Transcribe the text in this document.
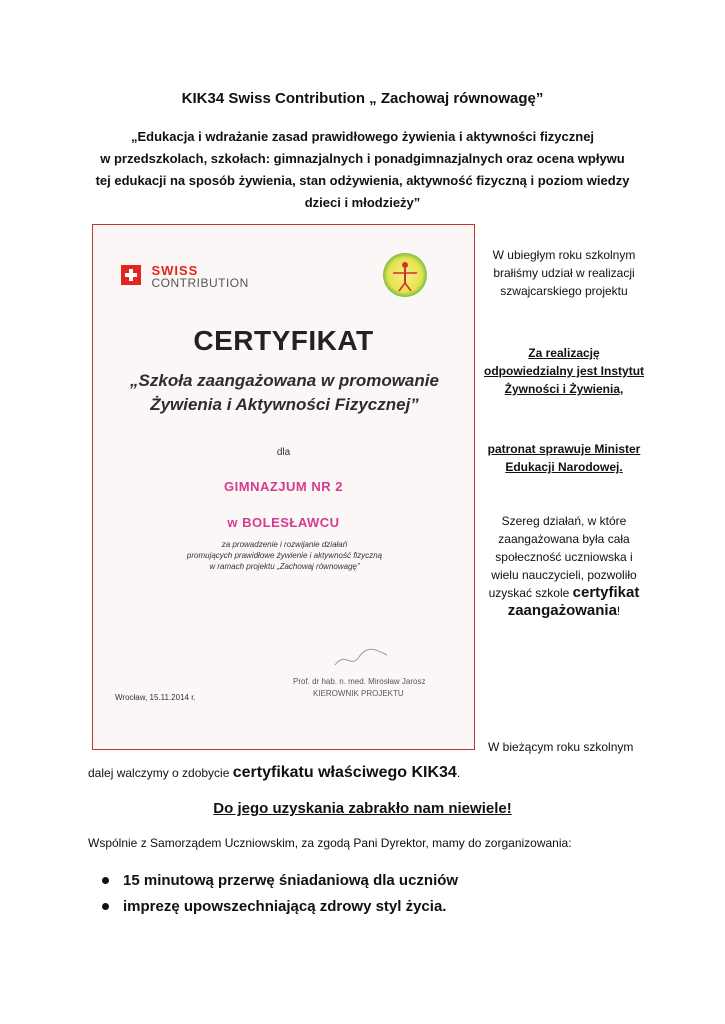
KIK34 Swiss Contribution „ Zachowaj równowagę”
„Edukacja i wdrażanie zasad prawidłowego żywienia i aktywności fizycznej
w przedszkolach, szkołach: gimnazjalnych i ponadgimnazjalnych oraz ocena wpływu
tej edukacji na sposób żywienia, stan odżywienia, aktywność fizyczną i poziom wiedzy
dzieci i młodzieży”

SWISS
CONTRIBUTION
CERTYFIKAT
„Szkoła zaangażowana w promowanie
Żywienia i Aktywności Fizycznej”
dla
GIMNAZJUM NR 2
w BOLESŁAWCU
za prowadzenie i rozwijanie działań
promujących prawidłowe żywienie i aktywność fizyczną
w ramach projektu „Zachowaj równowagę”
Prof. dr hab. n. med. Mirosław Jarosz
KIEROWNIK PROJEKTU
Wrocław, 15.11.2014 r.
W ubiegłym roku szkolnym brałiśmy udział w realizacji szwajcarskiego projektu
Za realizację odpowiedzialny jest Instytut Żywności i Żywienia,
patronat sprawuje Minister Edukacji Narodowej.
Szereg działań, w które zaangażowana była cała społeczność uczniowska i wielu nauczycieli, pozwoliło uzyskać szkole certyfikat zaangażowania!
W bieżącym roku szkolnym
dalej walczymy o zdobycie certyfikatu właściwego KIK34.
Do jego uzyskania zabrakło nam niewiele!
Wspólnie z Samorządem Uczniowskim, za zgodą Pani Dyrektor, mamy do zorganizowania:
15 minutową przerwę śniadaniową dla uczniów
imprezę upowszechniającą zdrowy styl życia.
